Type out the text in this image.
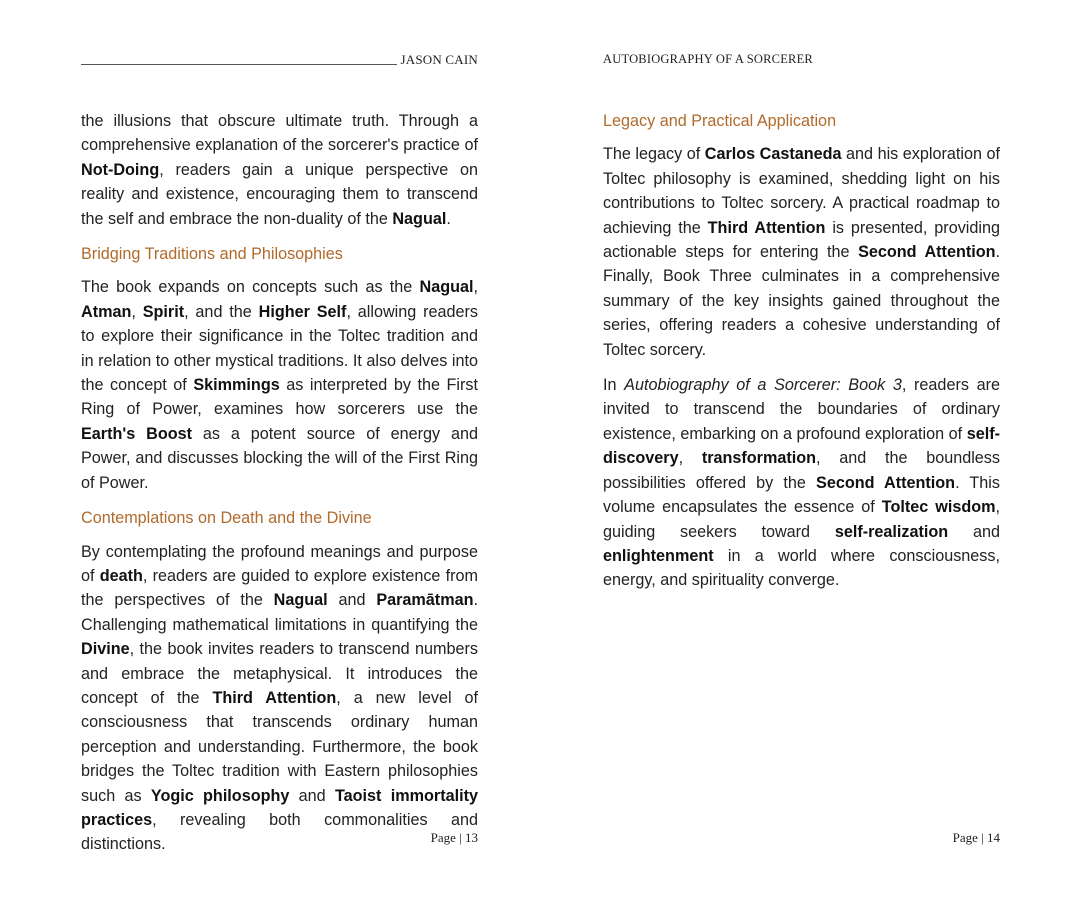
JASON CAIN

the illusions that obscure ultimate truth. Through a comprehensive explanation of the sorcerer's practice of Not-Doing, readers gain a unique perspective on reality and existence, encouraging them to transcend the self and embrace the non-duality of the Nagual.

Bridging Traditions and Philosophies

The book expands on concepts such as the Nagual, Atman, Spirit, and the Higher Self, allowing readers to explore their significance in the Toltec tradition and in relation to other mystical traditions. It also delves into the concept of Skimmings as interpreted by the First Ring of Power, examines how sorcerers use the Earth's Boost as a potent source of energy and Power, and discusses blocking the will of the First Ring of Power.

Contemplations on Death and the Divine

By contemplating the profound meanings and purpose of death, readers are guided to explore existence from the perspectives of the Nagual and Paramātman. Challenging mathematical limitations in quantifying the Divine, the book invites readers to transcend numbers and embrace the metaphysical. It introduces the concept of the Third Attention, a new level of consciousness that transcends ordinary human perception and understanding. Furthermore, the book bridges the Toltec tradition with Eastern philosophies such as Yogic philosophy and Taoist immortality practices, revealing both commonalities and distinctions.	Page | 13
AUTOBIOGRAPHY OF A SORCERER
Legacy and Practical Application

The legacy of Carlos Castaneda and his exploration of Toltec philosophy is examined, shedding light on his contributions to Toltec sorcery. A practical roadmap to achieving the Third Attention is presented, providing actionable steps for entering the Second Attention. Finally, Book Three culminates in a comprehensive summary of the key insights gained throughout the series, offering readers a cohesive understanding of Toltec sorcery.

In Autobiography of a Sorcerer: Book 3, readers are invited to transcend the boundaries of ordinary existence, embarking on a profound exploration of self-discovery, transformation, and the boundless possibilities offered by the Second Attention. This volume encapsulates the essence of Toltec wisdom, guiding seekers toward self-realization and enlightenment in a world where consciousness, energy, and spirituality converge.

Page | 14
